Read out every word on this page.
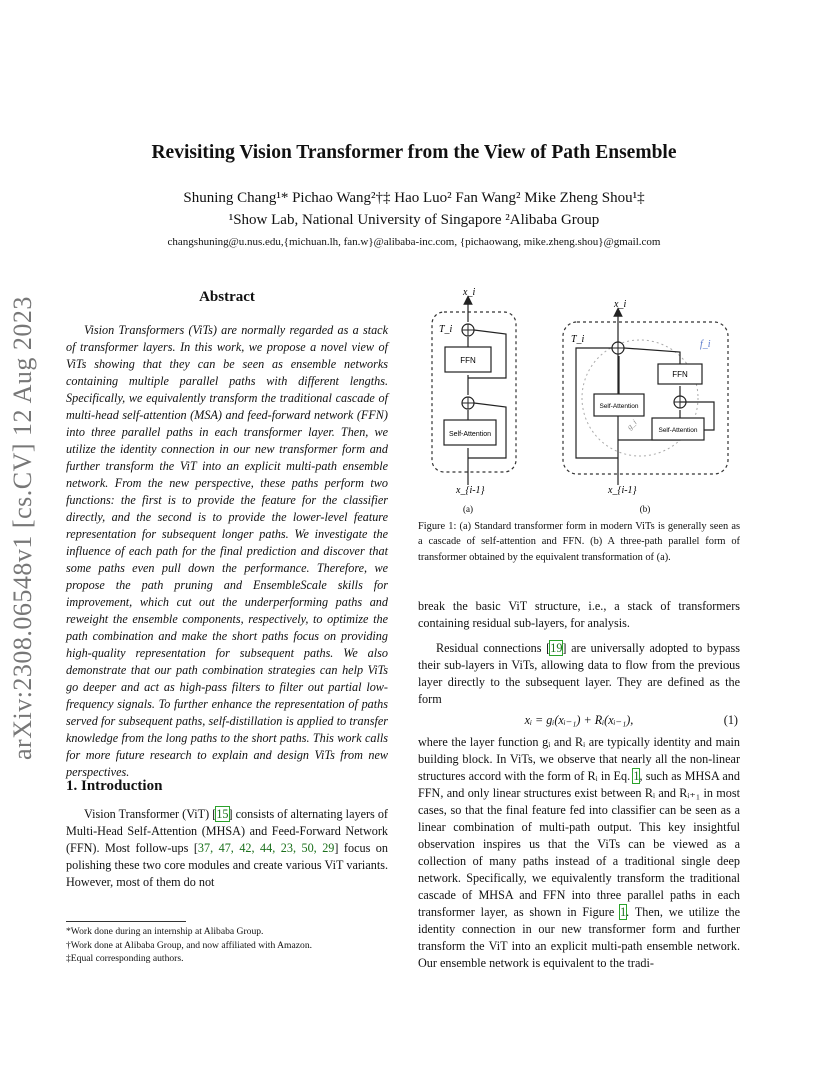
Revisiting Vision Transformer from the View of Path Ensemble
Shuning Chang¹* Pichao Wang²†‡ Hao Luo² Fan Wang² Mike Zheng Shou¹‡
¹Show Lab, National University of Singapore ²Alibaba Group
changshuning@u.nus.edu,{michuan.lh, fan.w}@alibaba-inc.com, {pichaowang, mike.zheng.shou}@gmail.com
arXiv:2308.06548v1 [cs.CV] 12 Aug 2023	Abstract

Vision Transformers (ViTs) are normally regarded as a stack of transformer layers. In this work, we propose a novel view of ViTs showing that they can be seen as ensemble networks containing multiple parallel paths with different lengths. Specifically, we equivalently transform the traditional cascade of multi-head self-attention (MSA) and feed-forward network (FFN) into three parallel paths in each transformer layer. Then, we utilize the identity connection in our new transformer form and further transform the ViT into an explicit multi-path ensemble network. From the new perspective, these paths perform two functions: the first is to provide the feature for the classifier directly, and the second is to provide the lower-level feature representation for subsequent longer paths. We investigate the influence of each path for the final prediction and discover that some paths even pull down the performance. Therefore, we propose the path pruning and EnsembleScale skills for improvement, which cut out the underperforming paths and reweight the ensemble components, respectively, to optimize the path combination and make the short paths focus on providing high-quality representation for subsequent paths. We also demonstrate that our path combination strategies can help ViTs go deeper and act as high-pass filters to filter out partial low-frequency signals. To further enhance the representation of paths served for subsequent paths, self-distillation is applied to transfer knowledge from the long paths to the short paths. This work calls for more future research to explain and design ViTs from new perspectives.

1. Introduction

Vision Transformer (ViT) [15] consists of alternating layers of Multi-Head Self-Attention (MHSA) and Feed-Forward Network (FFN). Most follow-ups [37, 47, 42, 44, 23, 50, 29] focus on polishing these two core modules and create various ViT variants. However, most of them do not

*Work done during an internship at Alibaba Group.
†Work done at Alibaba Group, and now affiliated with Amazon.
‡Equal corresponding authors.
T_i
x_i
x_{i-1}
FFN
Self-Attention
(a)
T_i	f_i
g_i
x_i
x_{i-1}
Self-Attention
Self-Attention
FFN
(b)
Figure 1: (a) Standard transformer form in modern ViTs is generally seen as a cascade of self-attention and FFN. (b) A three-path parallel form of transformer obtained by the equivalent transformation of (a).

break the basic ViT structure, i.e., a stack of transformers containing residual sub-layers, for analysis.

Residual connections [19] are universally adopted to bypass their sub-layers in ViTs, allowing data to flow from the previous layer directly to the subsequent layer. They are defined as the form

xᵢ = gᵢ(xᵢ₋₁) + Rᵢ(xᵢ₋₁),	(1)

where the layer function gᵢ and Rᵢ are typically identity and main building block. In ViTs, we observe that nearly all the non-linear structures accord with the form of Rᵢ in Eq. 1, such as MHSA and FFN, and only linear structures exist between Rᵢ and Rᵢ₊₁ in most cases, so that the final feature fed into classifier can be seen as a linear combination of multi-path output. This key insightful observation inspires us that the ViTs can be viewed as a collection of many paths instead of a traditional single deep network. Specifically, we equivalently transform the traditional cascade of MHSA and FFN into three parallel paths in each transformer layer, as shown in Figure 1. Then, we utilize the identity connection in our new transformer form and further transform the ViT into an explicit multi-path ensemble network. Our ensemble network is equivalent to the tradi-
